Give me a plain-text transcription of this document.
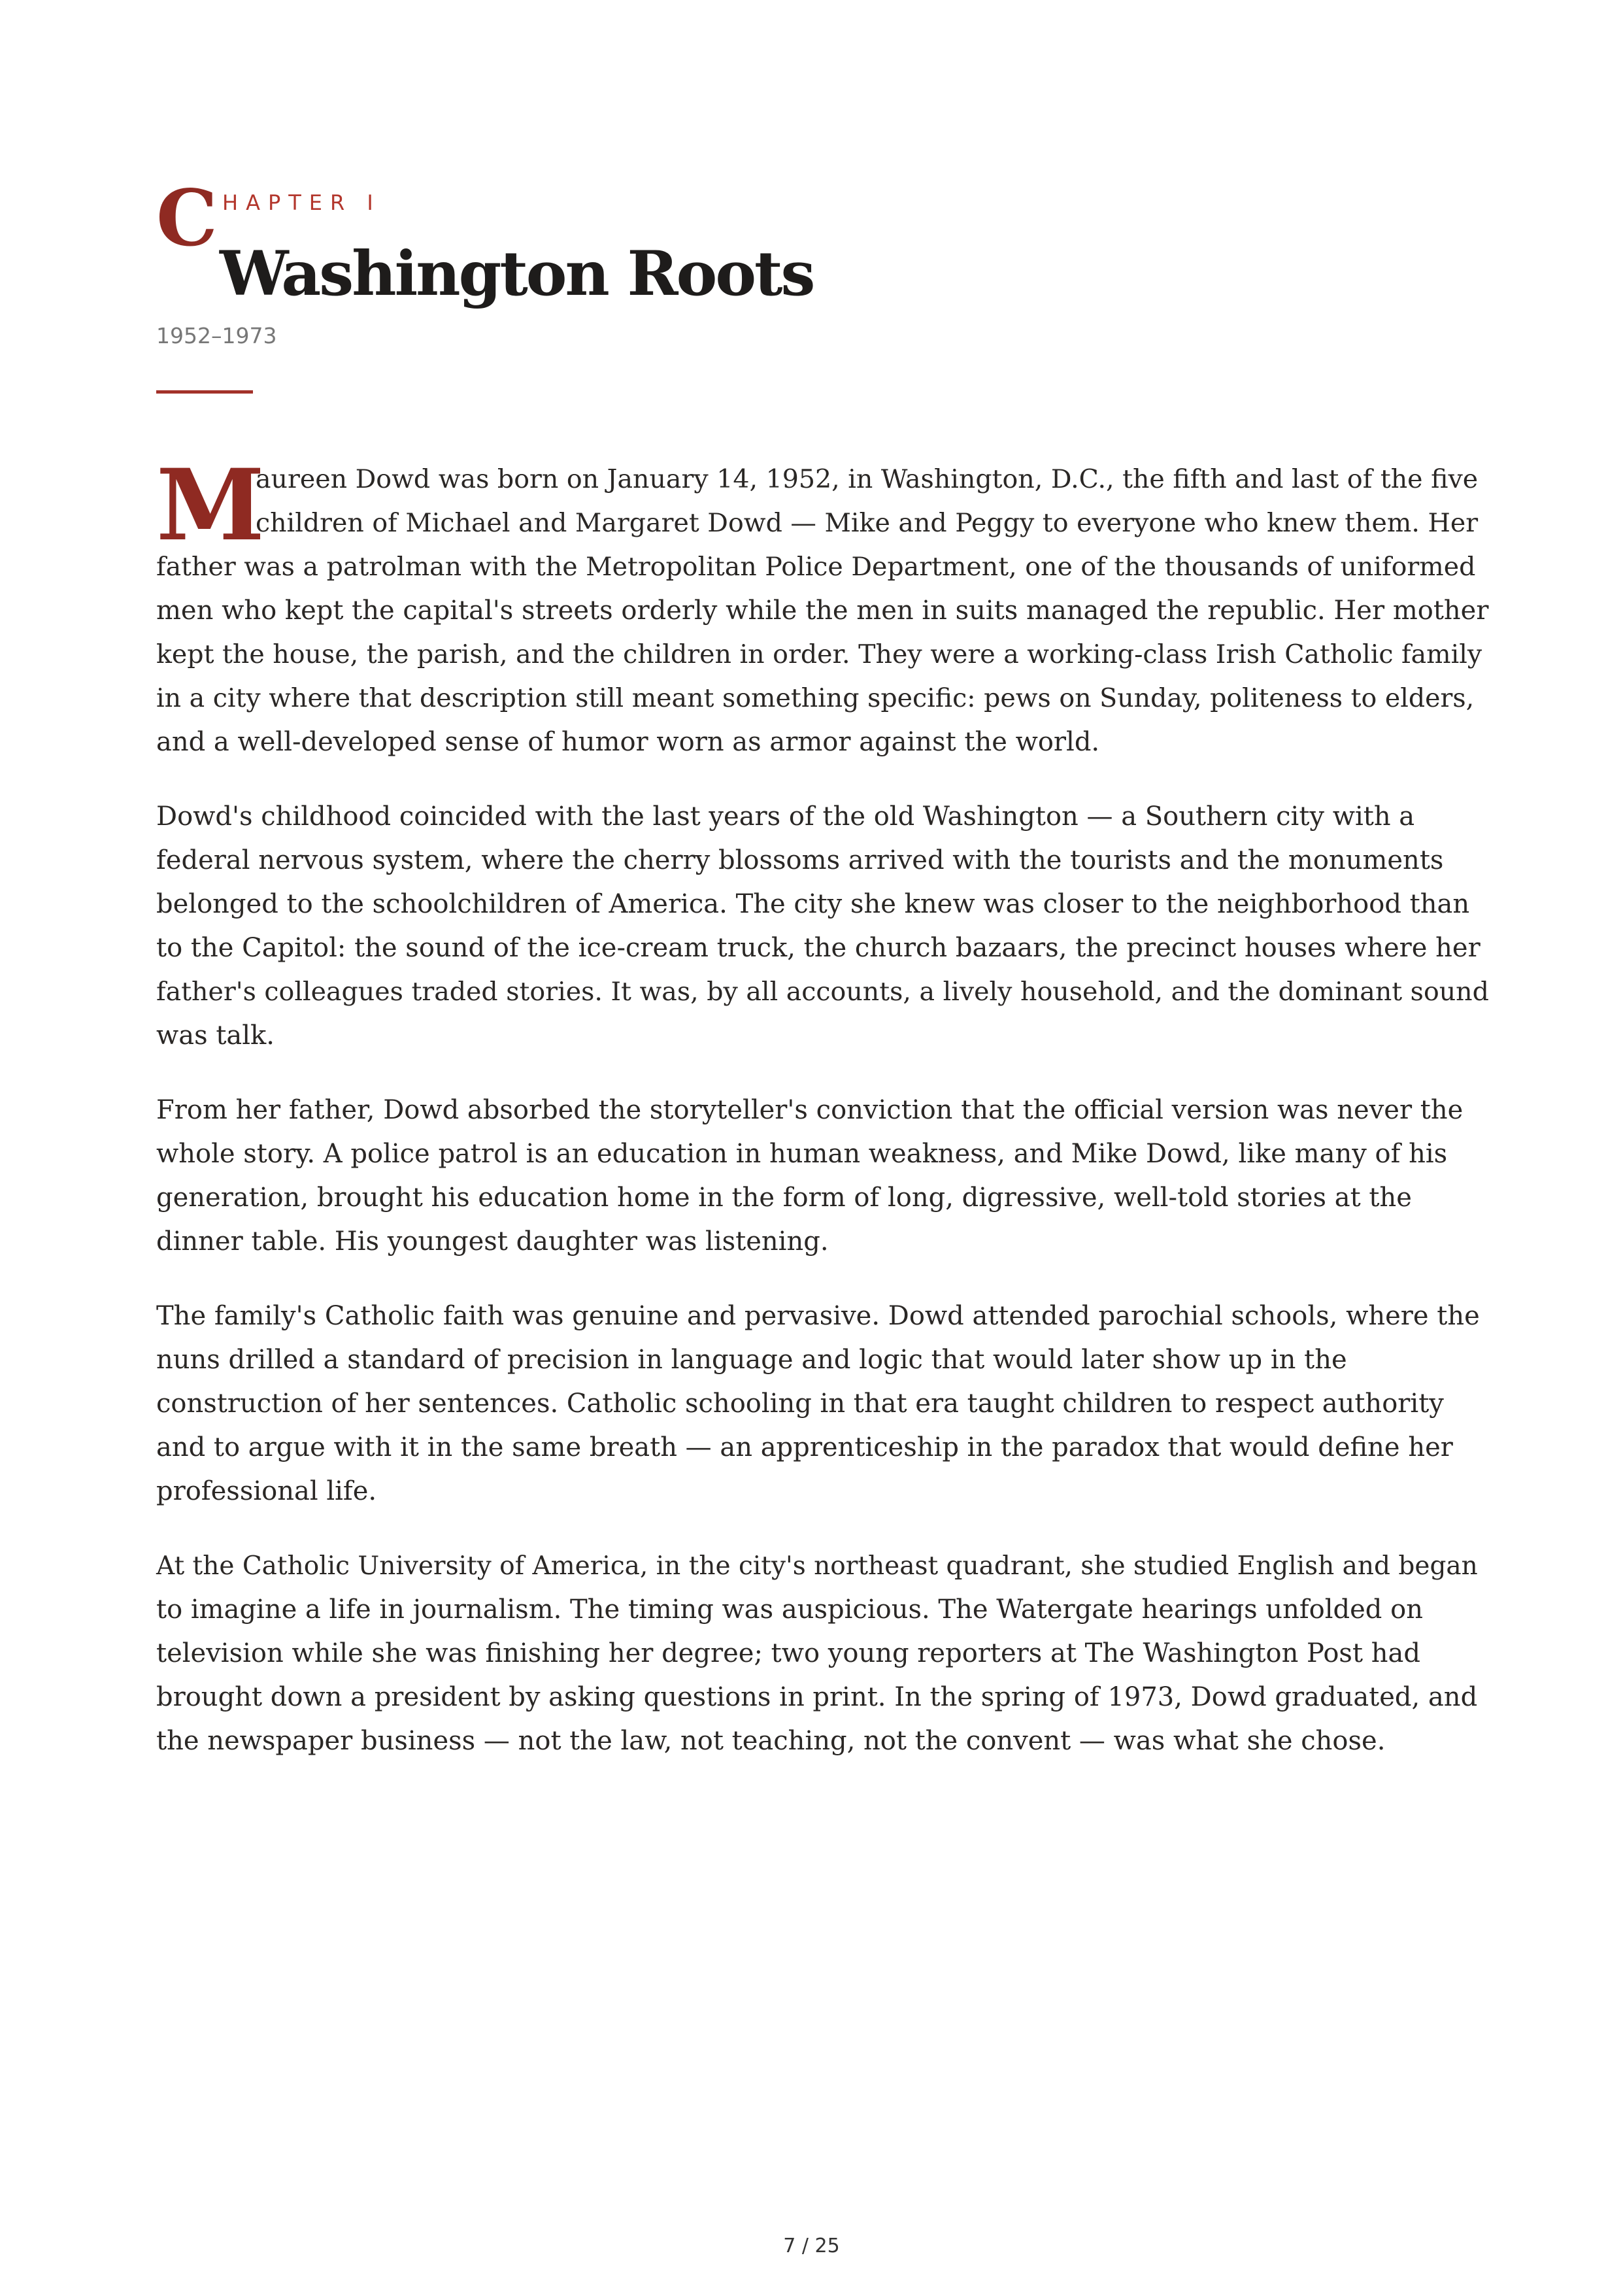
C HAPTER I
Washington Roots
1952–1973

M
aureen Dowd was born on January 14, 1952, in Washington, D.C., the fifth and last of the five
children of Michael and Margaret Dowd — Mike and Peggy to everyone who knew them. Her
father was a patrolman with the Metropolitan Police Department, one of the thousands of uniformed
men who kept the capital's streets orderly while the men in suits managed the republic. Her mother
kept the house, the parish, and the children in order. They were a working-class Irish Catholic family
in a city where that description still meant something specific: pews on Sunday, politeness to elders,
and a well-developed sense of humor worn as armor against the world.

Dowd's childhood coincided with the last years of the old Washington — a Southern city with a
federal nervous system, where the cherry blossoms arrived with the tourists and the monuments
belonged to the schoolchildren of America. The city she knew was closer to the neighborhood than
to the Capitol: the sound of the ice-cream truck, the church bazaars, the precinct houses where her
father's colleagues traded stories. It was, by all accounts, a lively household, and the dominant sound
was talk.

From her father, Dowd absorbed the storyteller's conviction that the official version was never the
whole story. A police patrol is an education in human weakness, and Mike Dowd, like many of his
generation, brought his education home in the form of long, digressive, well-told stories at the
dinner table. His youngest daughter was listening.

The family's Catholic faith was genuine and pervasive. Dowd attended parochial schools, where the
nuns drilled a standard of precision in language and logic that would later show up in the
construction of her sentences. Catholic schooling in that era taught children to respect authority
and to argue with it in the same breath — an apprenticeship in the paradox that would define her
professional life.

At the Catholic University of America, in the city's northeast quadrant, she studied English and began
to imagine a life in journalism. The timing was auspicious. The Watergate hearings unfolded on
television while she was finishing her degree; two young reporters at The Washington Post had
brought down a president by asking questions in print. In the spring of 1973, Dowd graduated, and
the newspaper business — not the law, not teaching, not the convent — was what she chose.

7 / 25
